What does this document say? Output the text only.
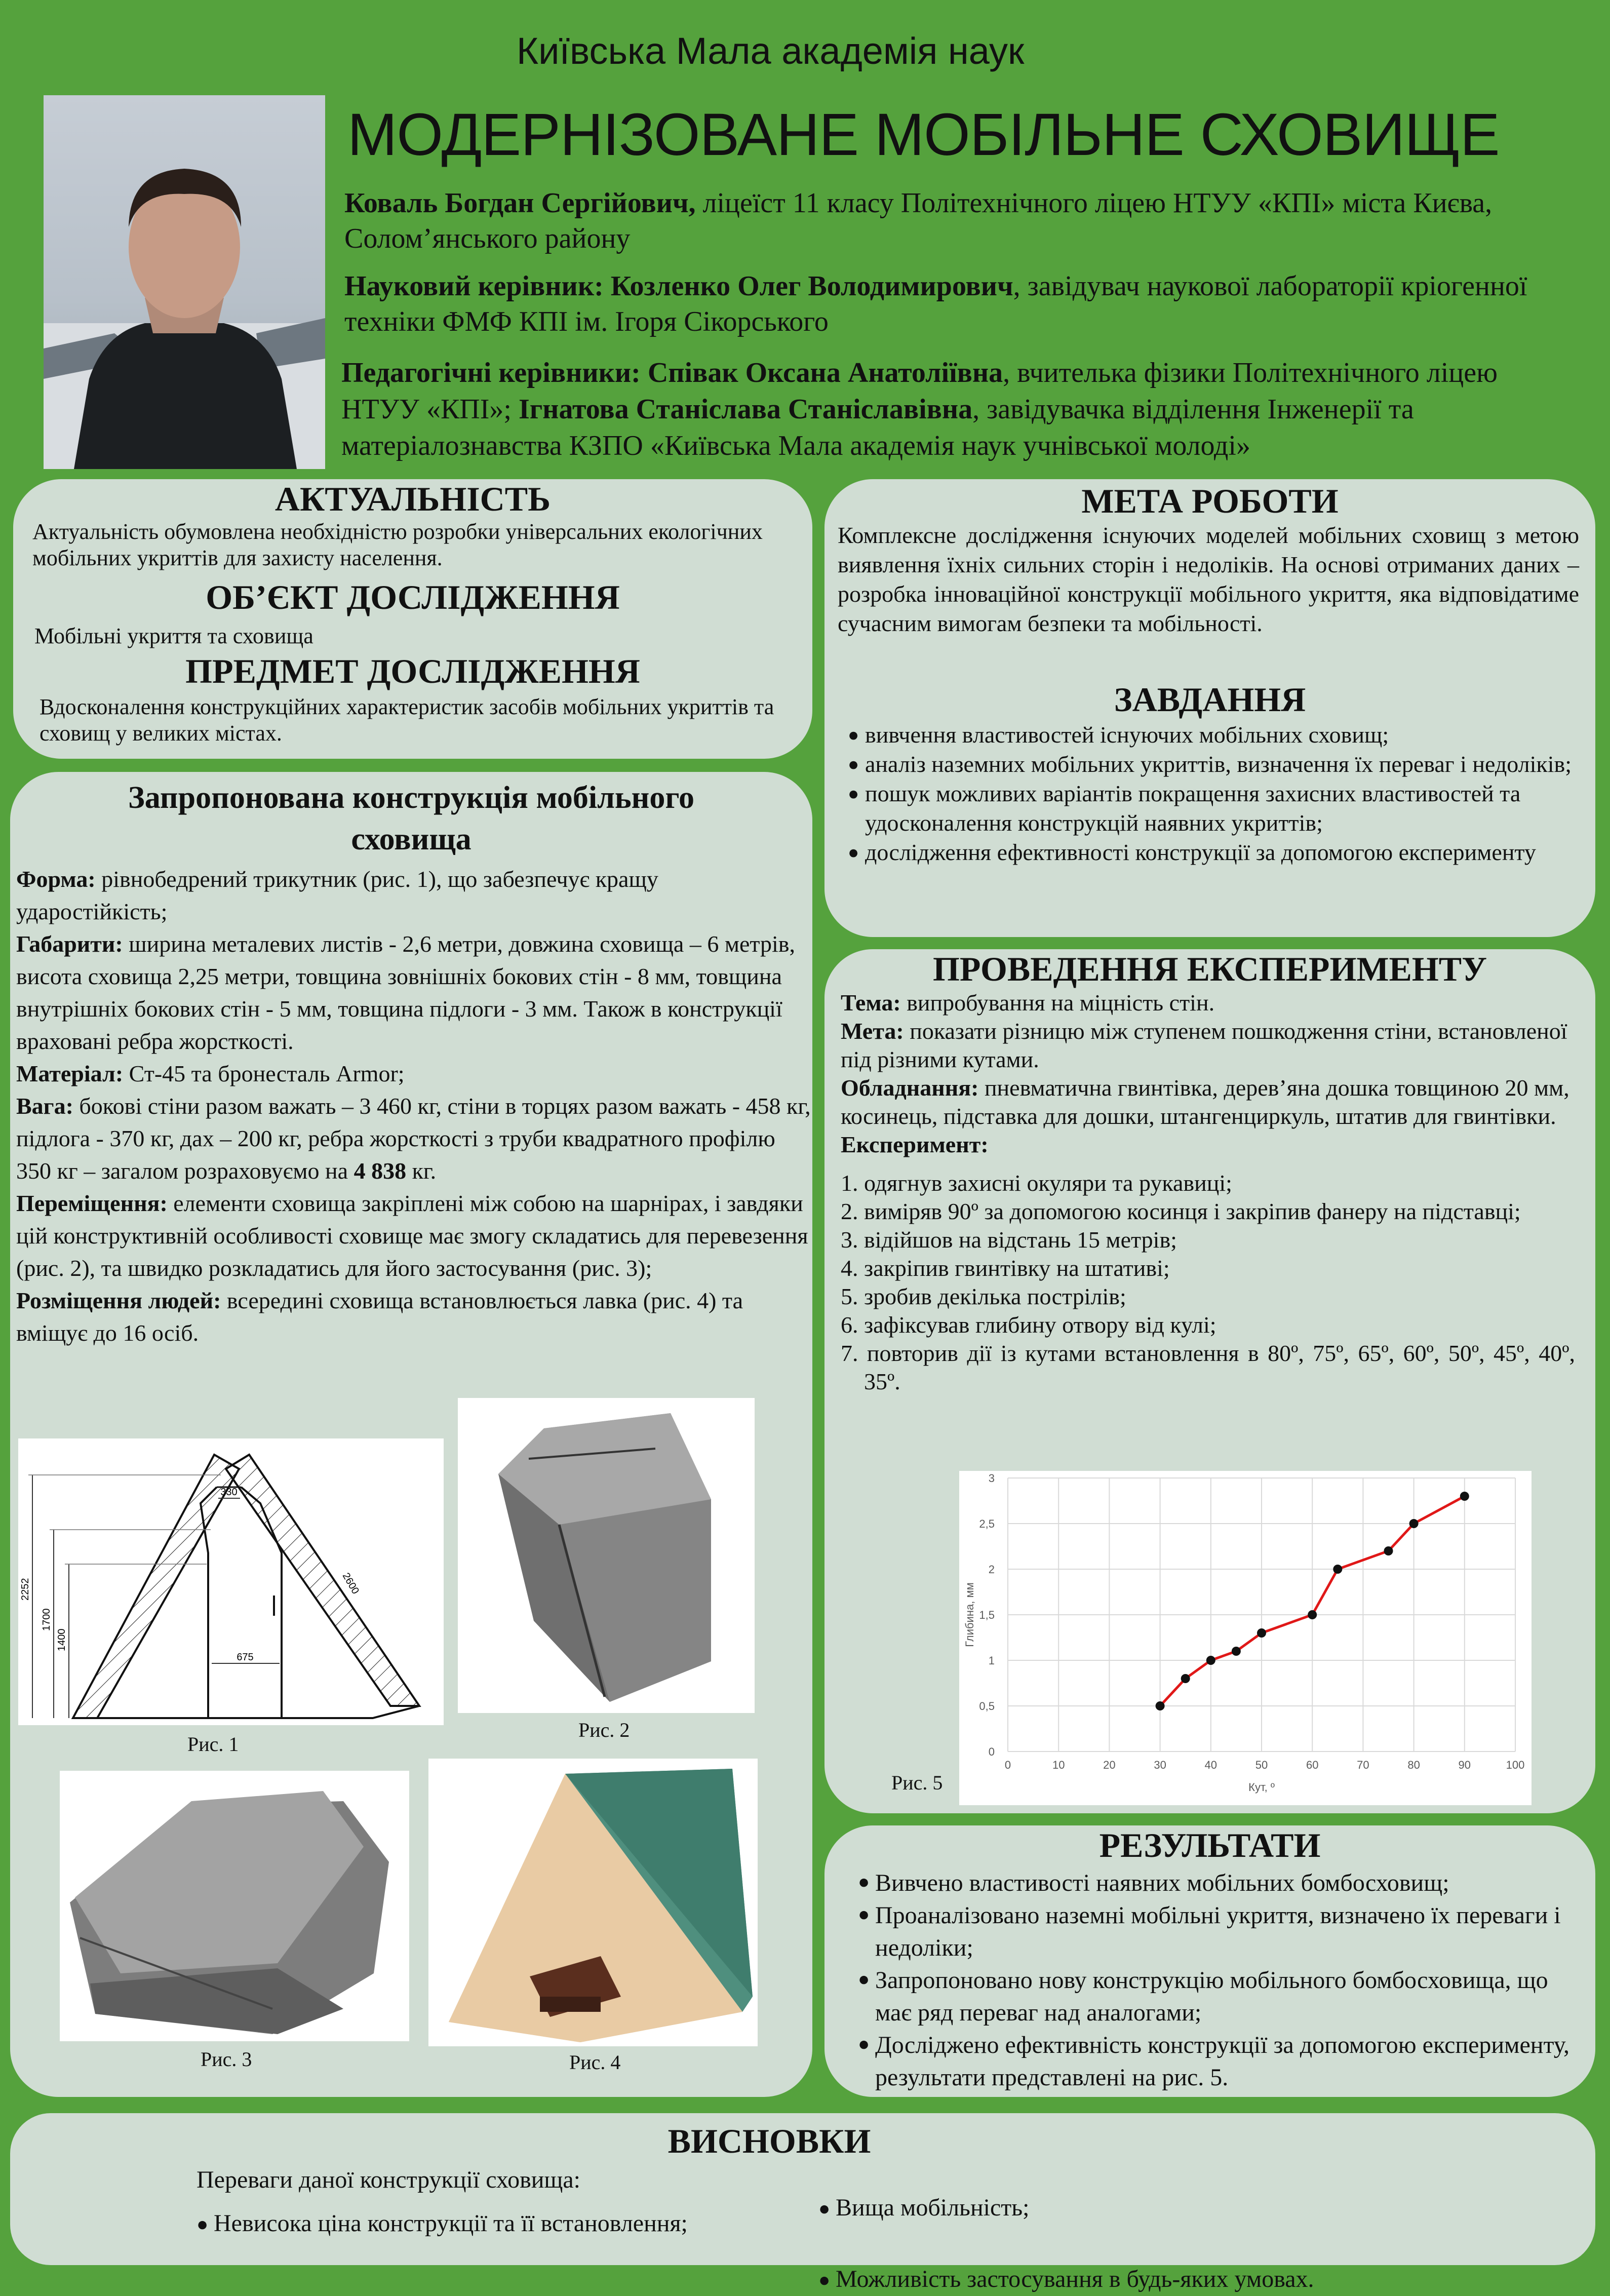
Київська Мала академія наук
МОДЕРНІЗОВАНЕ МОБІЛЬНЕ СХОВИЩЕ
Коваль Богдан Сергійович, ліцеїст 11 класу Політехнічного ліцею НТУУ «КПІ» міста Києва, Солом’янського району
Науковий керівник: Козленко Олег Володимирович, завідувач наукової лабораторії кріогенної техніки ФМФ КПІ ім. Ігоря Сікорського
Педагогічні керівники: Співак Оксана Анатоліївна, вчителька фізики Політехнічного ліцею НТУУ «КПІ»; Ігнатова Станіслава Станіславівна, завідувачка відділення Інженерії та матеріалознавства КЗПО «Київська Мала академія наук учнівської молоді»
АКТУАЛЬНІСТЬ
Актуальність обумовлена необхідністю розробки універсальних екологічних мобільних укриттів для захисту населення.
ОБ’ЄКТ ДОСЛІДЖЕННЯ
Мобільні укриття та сховища
ПРЕДМЕТ ДОСЛІДЖЕННЯ
Вдосконалення конструкційних характеристик засобів мобільних укриттів та сховищ у великих містах.
МЕТА РОБОТИ
Комплексне дослідження існуючих моделей мобільних сховищ з метою виявлення їхніх сильних сторін і недоліків. На основі отриманих даних – розробка інноваційної конструкції мобільного укриття, яка відповідатиме сучасним вимогам безпеки та мобільності.
ЗАВДАННЯ
● вивчення властивостей існуючих мобільних сховищ;
● аналіз наземних мобільних укриттів, визначення їх переваг і недоліків;
● пошук можливих варіантів покращення захисних властивостей та удосконалення конструкцій наявних укриттів;
● дослідження ефективності конструкції за допомогою експерименту
Запропонована конструкція мобільного сховища

Форма: рівнобедрений трикутник (рис. 1), що забезпечує кращу ударостійкість;

Габарити: ширина металевих листів - 2,6 метри, довжина сховища – 6 метрів, висота сховища 2,25 метри, товщина зовнішніх бокових стін - 8 мм, товщина внутрішніх бокових стін - 5 мм, товщина підлоги - 3 мм. Також в конструкції враховані ребра жорсткості.

Матеріал: Ст-45 та бронесталь Armor;

Вага: бокові стіни разом важать – 3 460 кг, стіни в торцях разом важать - 458 кг, підлога - 370 кг, дах – 200 кг, ребра жорсткості з труби квадратного профілю 350 кг – загалом розраховуємо на 4 838 кг.

Переміщення: елементи сховища закріплені між собою на шарнірах, і завдяки цій конструктивній особливості сховище має змогу складатись для перевезення (рис. 2), та швидко розкладатись для його застосування (рис. 3);

Розміщення людей: всередині сховища встановлюється лавка (рис. 4) та вміщує до 16 осіб.

330
2600
2252
1700
1400
675
Рис. 1
Рис. 2
Рис. 3	Рис. 4
ПРОВЕДЕННЯ ЕКСПЕРИМЕНТУ

Тема: випробування на міцність стін.

Мета: показати різницю між ступенем пошкодження стіни, встановленої під різними кутами.

Обладнання: пневматична гвинтівка, дерев’яна дошка товщиною 20 мм, косинець, підставка для дошки, штангенциркуль, штатив для гвинтівки.

Експеримент:

1. одягнув захисні окуляри та рукавиці;

2. виміряв 90º за допомогою косинця і закріпив фанеру на підставці;

3. відійшов на відстань 15 метрів;

4. закріпив гвинтівку на штативі;

5. зробив декілька пострілів;

6. зафіксував глибину отвору від кулі;

7. повторив дії із кутами встановлення в 80º, 75º, 65º, 60º, 50º, 45º, 40º, 35º.

0	10	20	30	40	50	60	70	80	90	100
0
0,5
1
1,5
2
2,5
3
Кут, º
Глибина, мм
Рис. 5
РЕЗУЛЬТАТИ
● Вивчено властивості наявних мобільних бомбосховищ;
● Проаналізовано наземні мобільні укриття, визначено їх переваги і недоліки;
● Запропоновано нову конструкцію мобільного бомбосховища, що має ряд переваг над аналогами;
● Досліджено ефективність конструкції за допомогою експерименту, результати представлені на рис. 5.
ВИСНОВКИ
Переваги даної конструкції сховища:
● Невисока ціна конструкції та її встановлення;
● Вища мобільність;
● Можливість застосування в будь-яких умовах.
